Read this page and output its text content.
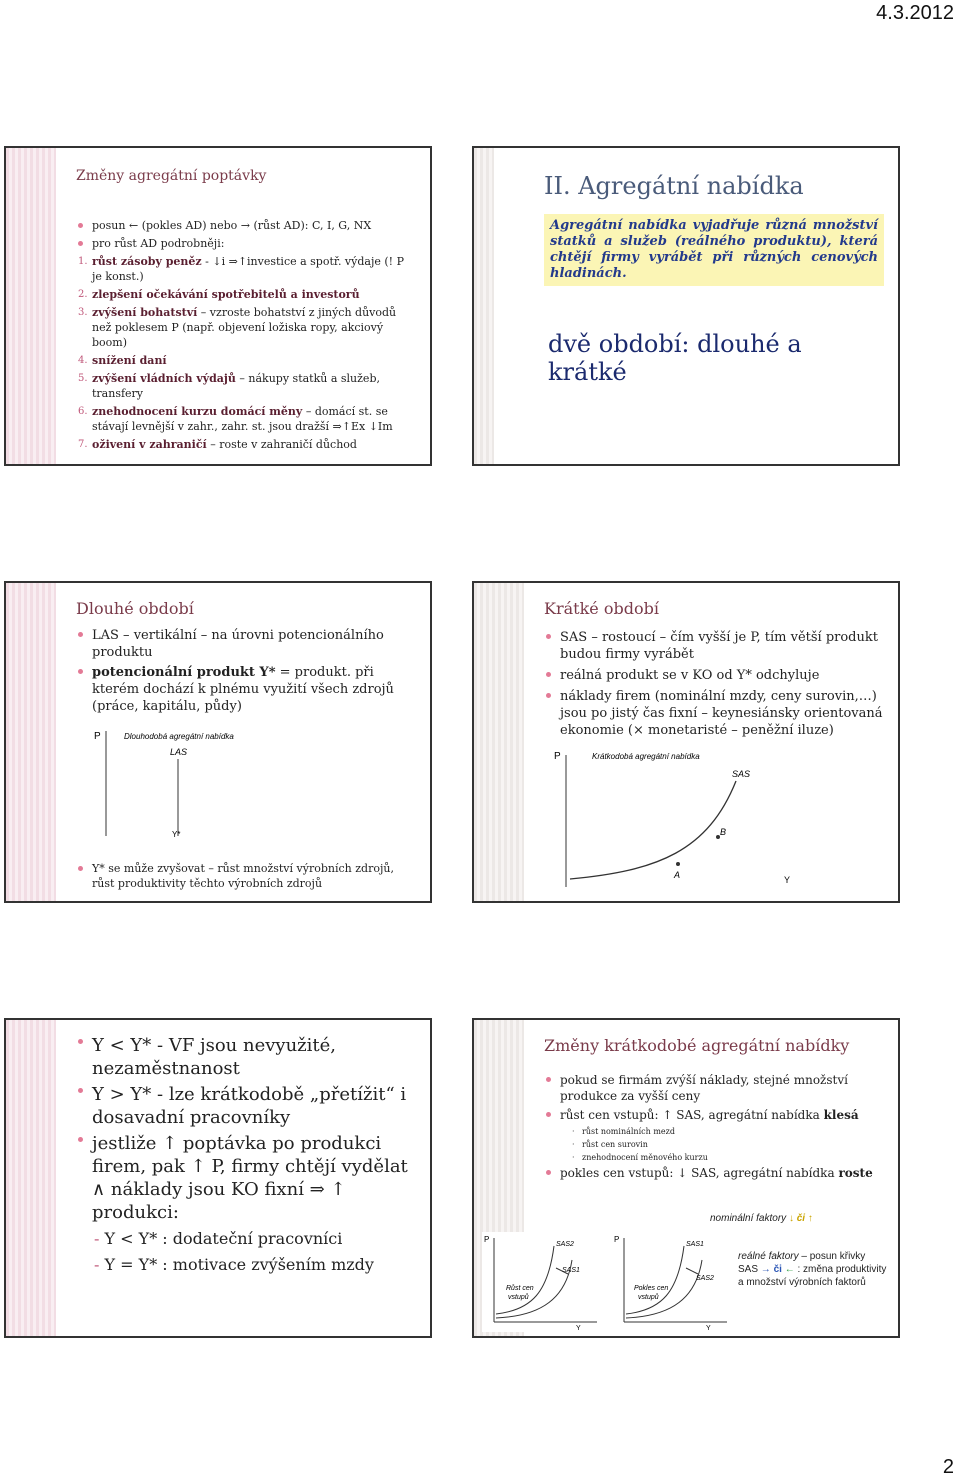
4.3.2012
Změny agregátní poptávky
posun ← (pokles AD) nebo → (růst AD): C, I, G, NX
pro růst AD podrobněji:
1. růst zásoby peněz - ↓i ⇒↑investice a spotř. výdaje (! P je konst.)
2. zlepšení očekávání spotřebitelů a investorů
3. zvýšení bohatství – vzroste bohatství z jiných důvodů než poklesem P (např. objevení ložiska ropy, akciový boom)
4. snížení daní
5. zvýšení vládních výdajů – nákupy statků a služeb, transfery
6. znehodnocení kurzu domácí měny – domácí st. se stávají levnější v zahr., zahr. st. jsou dražší ⇒↑Ex ↓Im
7. oživení v zahraničí – roste v zahraničí důchod
II. Agregátní nabídka
Agregátní nabídka vyjadřuje různá množství statků a služeb (reálného produktu), která chtějí firmy vyrábět při různých cenových hladinách.
dvě období: dlouhé a krátké
Dlouhé období
LAS – vertikální – na úrovni potencionálního produktu
potencionální produkt Y* = produkt. při kterém dochází k plnému využití všech zdrojů (práce, kapitálu, půdy)
P	Dlouhodobá agregátní nabídka
LAS
Y*
Y* se může zvyšovat – růst množství výrobních zdrojů, růst produktivity těchto výrobních zdrojů
Krátké období
SAS – rostoucí – čím vyšší je P, tím větší produkt budou firmy vyrábět
reálná produkt se v KO od Y* odchyluje
náklady firem (nominální mzdy, ceny surovin,…) jsou po jistý čas fixní – keynesiánsky orientovaná ekonomie (× monetaristé – peněžní iluze)
P	Krátkodobá agregátní nabídka
SAS
A
B
Y
Y < Y* - VF jsou nevyužité, nezaměstnanost
Y > Y* - lze krátkodobě „přetížit“ i dosavadní pracovníky
jestliže ↑ poptávka po produkci firem, pak ↑ P, firmy chtějí vydělat ∧ náklady jsou KO fixní ⇒ ↑ produkci:
- Y < Y* : dodateční pracovníci
- Y = Y* : motivace zvýšením mzdy
Změny krátkodobé agregátní nabídky
pokud se firmám zvýší náklady, stejné množství produkce za vyšší ceny
růst cen vstupů: ↑ SAS, agregátní nabídka klesá
· růst nominálních mezd
· růst cen surovin
· znehodnocení měnového kurzu
pokles cen vstupů: ↓ SAS, agregátní nabídka roste
nominální faktory ↓ či ↑
P
SAS2
SAS1
Růst cen
vstupů
Y
P
SAS1
SAS2
Pokles cen
vstupů
Y
reálné faktory – posun křivky SAS → či ← : změna produktivity a množství výrobních faktorů
2
